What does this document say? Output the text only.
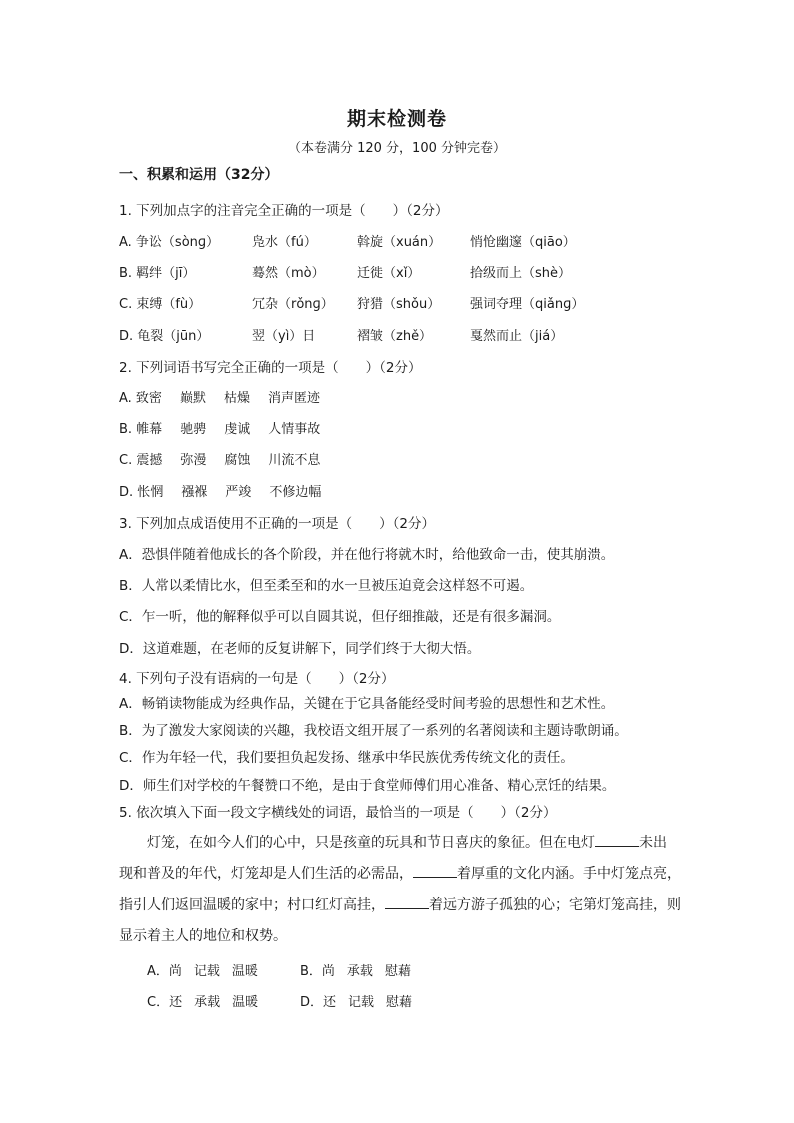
期末检测卷
（本卷满分 120 分，100 分钟完卷）
一、积累和运用（32分）
1. 下列加点字的注音完全正确的一项是（　　）（2分）
A. 争讼（sònɡ）	凫水（fú）	斡旋（xuán） 悄怆幽邃（qiāo）
B. 羁绊（jī）	蓦然（mò） 迁徙（xǐ）	拾级而上（shè）
C. 束缚（fù）	冗杂（rǒnɡ） 狩猎（shǒu） 强词夺理（qiǎnɡ）
D. 龟裂（jūn）	翌（yì）日	褶皱（zhě）	戛然而止（jiá）
2. 下列词语书写完全正确的一项是（　　）（2分）
A. 致密 巅默 枯燥 消声匿迹
B. 帷幕 驰骋 虔诚 人情事故
C. 震撼 弥漫 腐蚀 川流不息
D. 怅惘 襁褓 严竣 不修边幅
3. 下列加点成语使用不正确的一项是（　　）（2分）
A．恐惧伴随着他成长的各个阶段，并在他行将就木时，给他致命一击，使其崩溃。
B．人常以柔情比水，但至柔至和的水一旦被压迫竟会这样怒不可遏。
C．乍一听，他的解释似乎可以自圆其说，但仔细推敲，还是有很多漏洞。
D．这道难题，在老师的反复讲解下，同学们终于大彻大悟。
4. 下列句子没有语病的一句是（　　）（2分）
A．畅销读物能成为经典作品，关键在于它具备能经受时间考验的思想性和艺术性。
B．为了激发大家阅读的兴趣，我校语文组开展了一系列的名著阅读和主题诗歌朗诵。
C．作为年轻一代，我们要担负起发扬、继承中华民族优秀传统文化的责任。
D．师生们对学校的午餐赞口不绝，是由于食堂师傅们用心准备、精心烹饪的结果。
5. 依次填入下面一段文字横线处的词语，最恰当的一项是（　　）（2分）
灯笼，在如今人们的心中，只是孩童的玩具和节日喜庆的象征。但在电灯	未出
现和普及的年代，灯笼却是人们生活的必需品，	着厚重的文化内涵。手中灯笼点亮，
指引人们返回温暖的家中；村口红灯高挂，	着远方游子孤独的心；宅第灯笼高挂，则
显示着主人的地位和权势。
A．尚 记载 温暖	B．尚 承载 慰藉
C．还 承载 温暖	D．还 记载 慰藉
